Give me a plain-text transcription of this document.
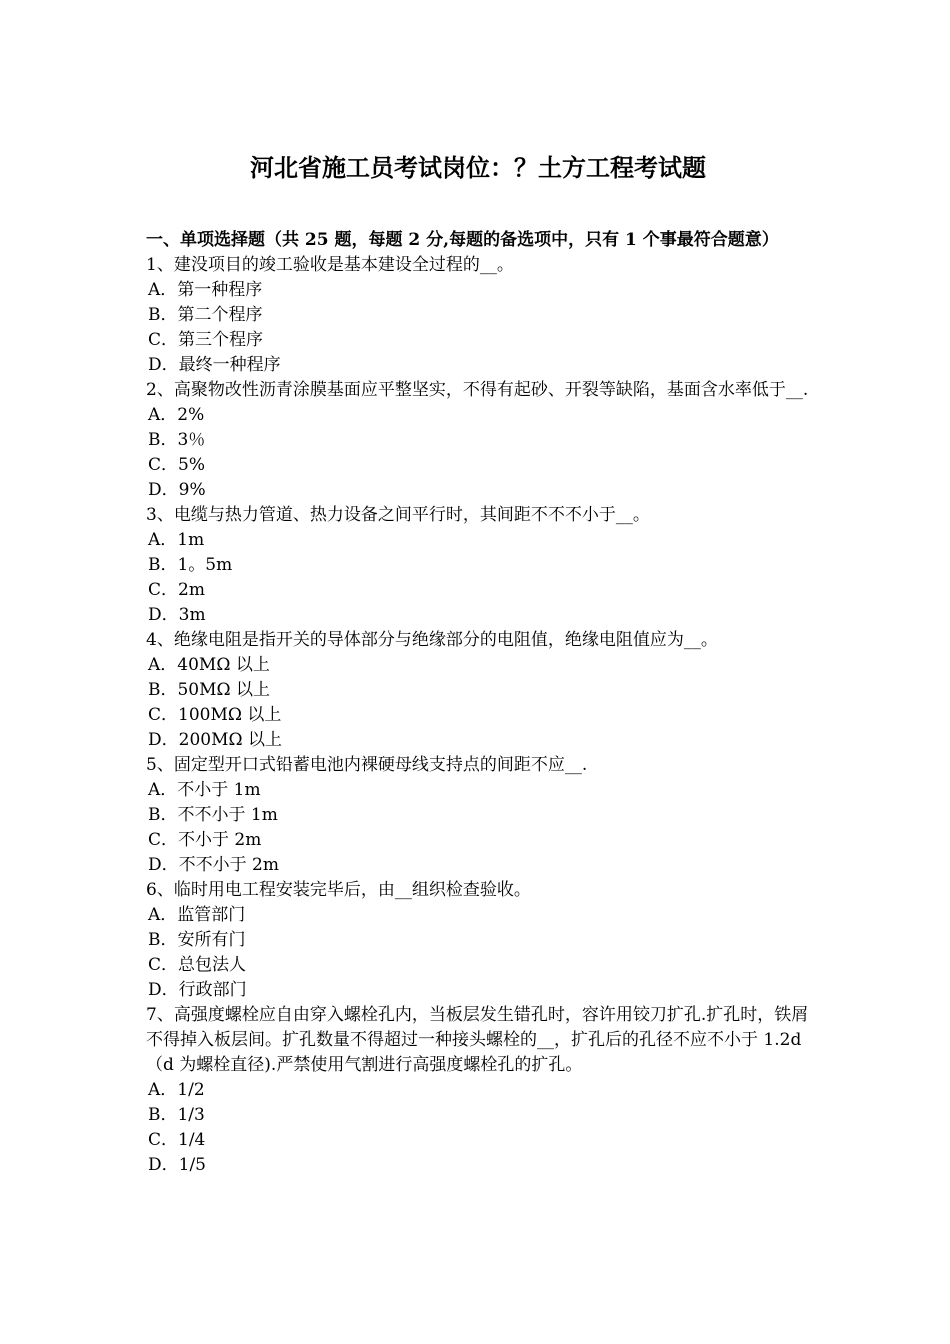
河北省施工员考试岗位：？土方工程考试题

一、单项选择题（共 25 题，每题 2 分,每题的备选项中，只有 1 个事最符合题意）

1、建没项目的竣工验收是基本建设全过程的__。

A．第一种程序

B．第二个程序

C．第三个程序

D．最终一种程序

2、高聚物改性沥青涂膜基面应平整坚实，不得有起砂、开裂等缺陷，基面含水率低于__.

A．2%

B．3％

C．5%

D．9%

3、电缆与热力管道、热力设备之间平行时，其间距不不不小于__。

A．1m

B．1。5m

C．2m

D．3m

4、绝缘电阻是指开关的导体部分与绝缘部分的电阻值，绝缘电阻值应为__。

A．40MΩ 以上

B．50MΩ 以上

C．100MΩ 以上

D．200MΩ 以上

5、固定型开口式铅蓄电池内裸硬母线支持点的间距不应__.

A．不小于 1m

B．不不小于 1m

C．不小于 2m

D．不不小于 2m

6、临时用电工程安装完毕后，由__组织检查验收。

A．监管部门

B．安所有门

C．总包法人

D．行政部门

7、高强度螺栓应自由穿入螺栓孔内，当板层发生错孔时，容许用铰刀扩孔.扩孔时，铁屑不得掉入板层间。扩孔数量不得超过一种接头螺栓的__，扩孔后的孔径不应不小于 1.2d（d 为螺栓直径).严禁使用气割进行高强度螺栓孔的扩孔。

A．1/2

B．1/3

C．1/4

D．1/5
